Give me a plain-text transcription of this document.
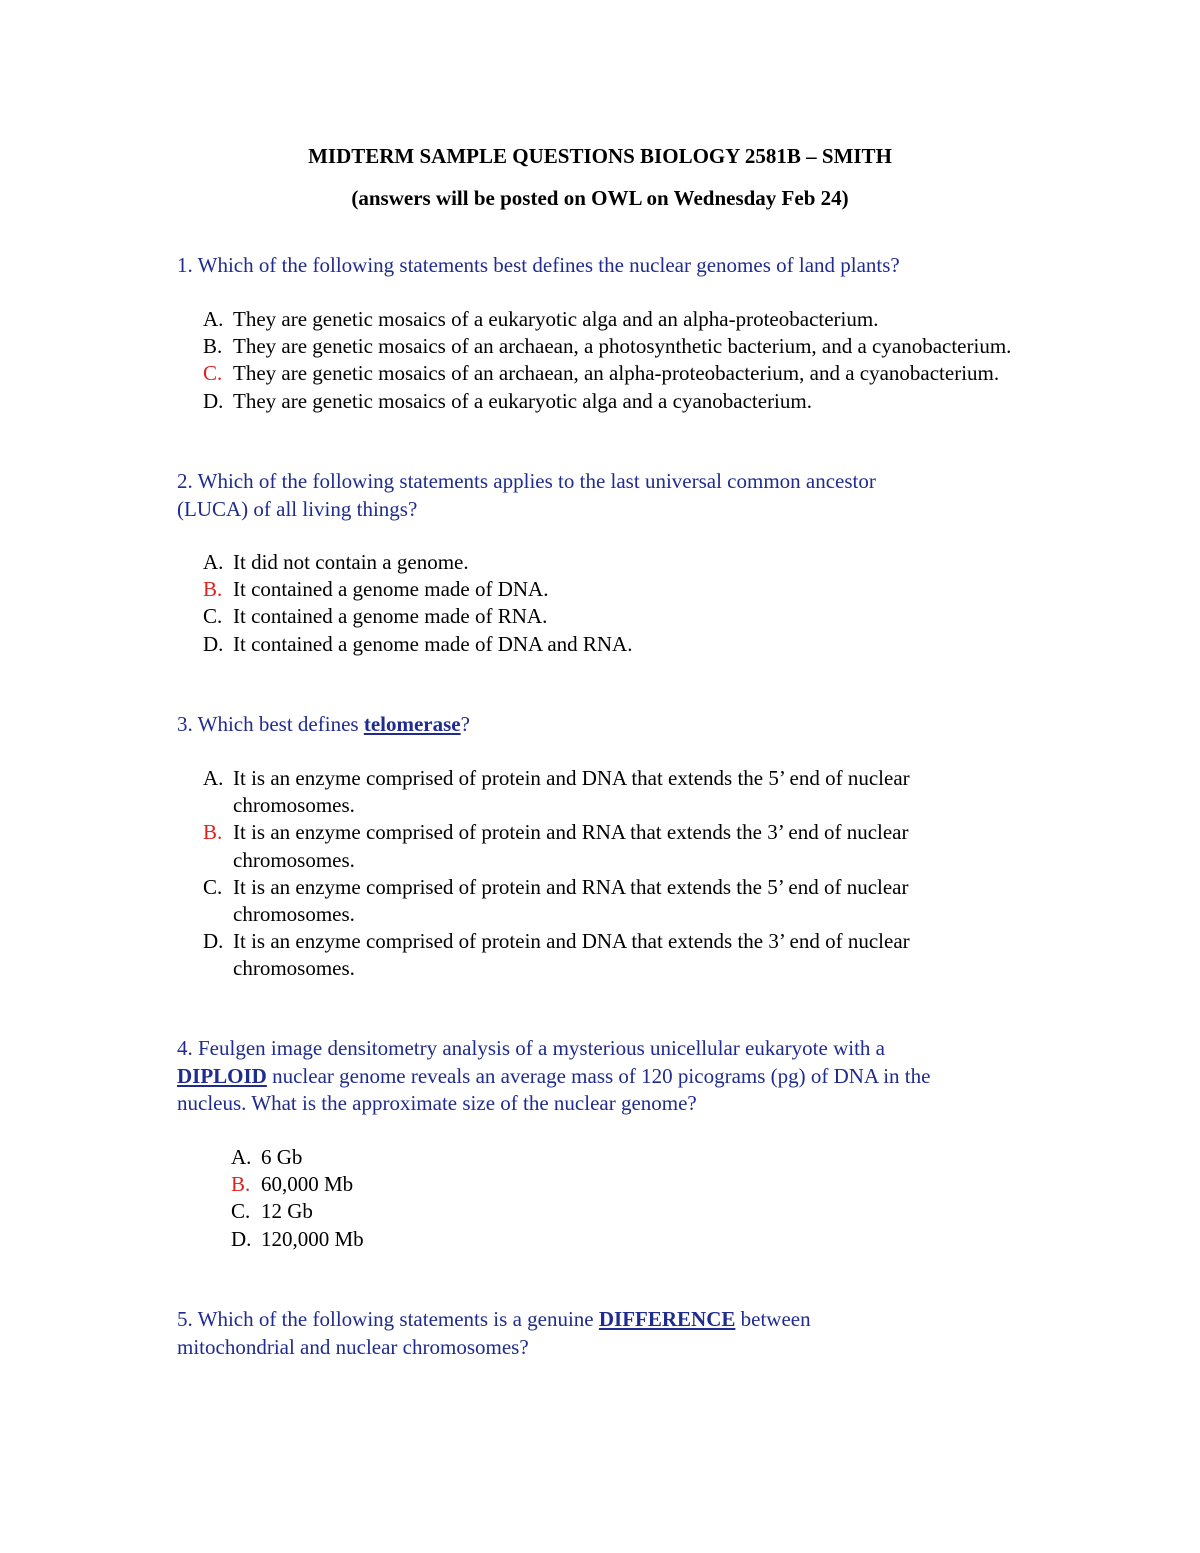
MIDTERM SAMPLE QUESTIONS BIOLOGY 2581B – SMITH
(answers will be posted on OWL on Wednesday Feb 24)
1. Which of the following statements best defines the nuclear genomes of land plants?
A. They are genetic mosaics of a eukaryotic alga and an alpha-proteobacterium.
B. They are genetic mosaics of an archaean, a photosynthetic bacterium, and a cyanobacterium.
C. They are genetic mosaics of an archaean, an alpha-proteobacterium, and a cyanobacterium.
D. They are genetic mosaics of a eukaryotic alga and a cyanobacterium.
2. Which of the following statements applies to the last universal common ancestor
(LUCA) of all living things?
A. It did not contain a genome.
B. It contained a genome made of DNA.
C. It contained a genome made of RNA.
D. It contained a genome made of DNA and RNA.
3. Which best defines telomerase?
A. It is an enzyme comprised of protein and DNA that extends the 5’ end of nuclear chromosomes.
B. It is an enzyme comprised of protein and RNA that extends the 3’ end of nuclear chromosomes.
C. It is an enzyme comprised of protein and RNA that extends the 5’ end of nuclear chromosomes.
D. It is an enzyme comprised of protein and DNA that extends the 3’ end of nuclear chromosomes.
4. Feulgen image densitometry analysis of a mysterious unicellular eukaryote with a
DIPLOID nuclear genome reveals an average mass of 120 picograms (pg) of DNA in the
nucleus. What is the approximate size of the nuclear genome?
A. 6 Gb
B. 60,000 Mb
C. 12 Gb
D. 120,000 Mb
5. Which of the following statements is a genuine DIFFERENCE between
mitochondrial and nuclear chromosomes?
